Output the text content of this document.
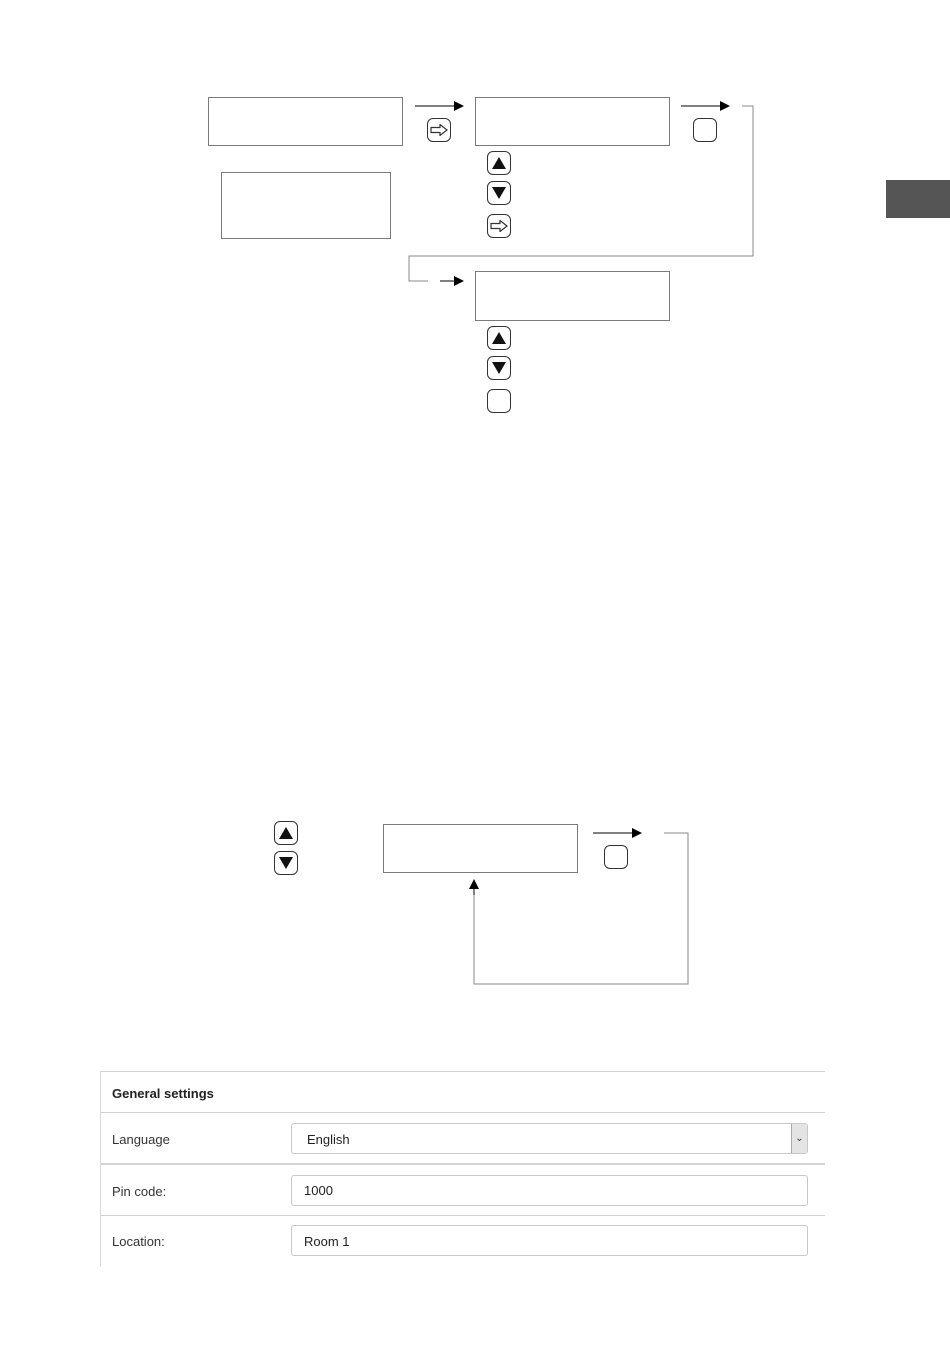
General settings
Language	English	⌄
Pin code:	1000
Location:	Room 1
